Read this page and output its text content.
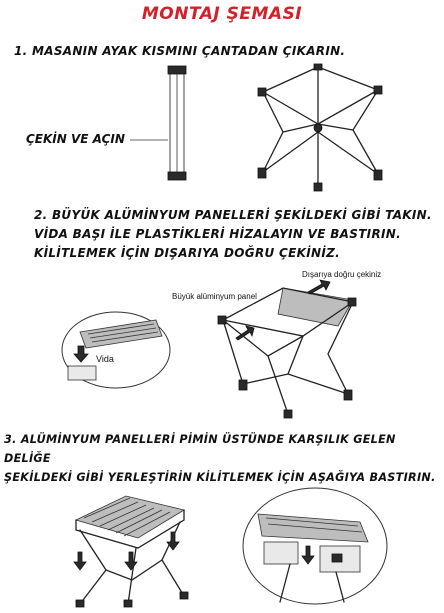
MONTAJ ŞEMASI

1. MASANIN AYAK KISMINI ÇANTADAN ÇIKARIN.

ÇEKİN VE AÇIN

2. BÜYÜK ALÜMİNYUM PANELLERİ ŞEKİLDEKİ GİBİ TAKIN.

VİDA BAŞI İLE PLASTİKLERİ HİZALAYIN VE BASTIRIN.

KİLİTLEMEK İÇİN DIŞARIYA DOĞRU ÇEKİNİZ.

Dışarıya doğru çekiniz
Büyük alüminyum panel
Vida

3. ALÜMİNYUM PANELLERİ PİMİN ÜSTÜNDE KARŞILIK GELEN DELİĞE

ŞEKİLDEKİ GİBİ YERLEŞTİRİN KİLİTLEMEK İÇİN AŞAĞIYA BASTIRIN.
